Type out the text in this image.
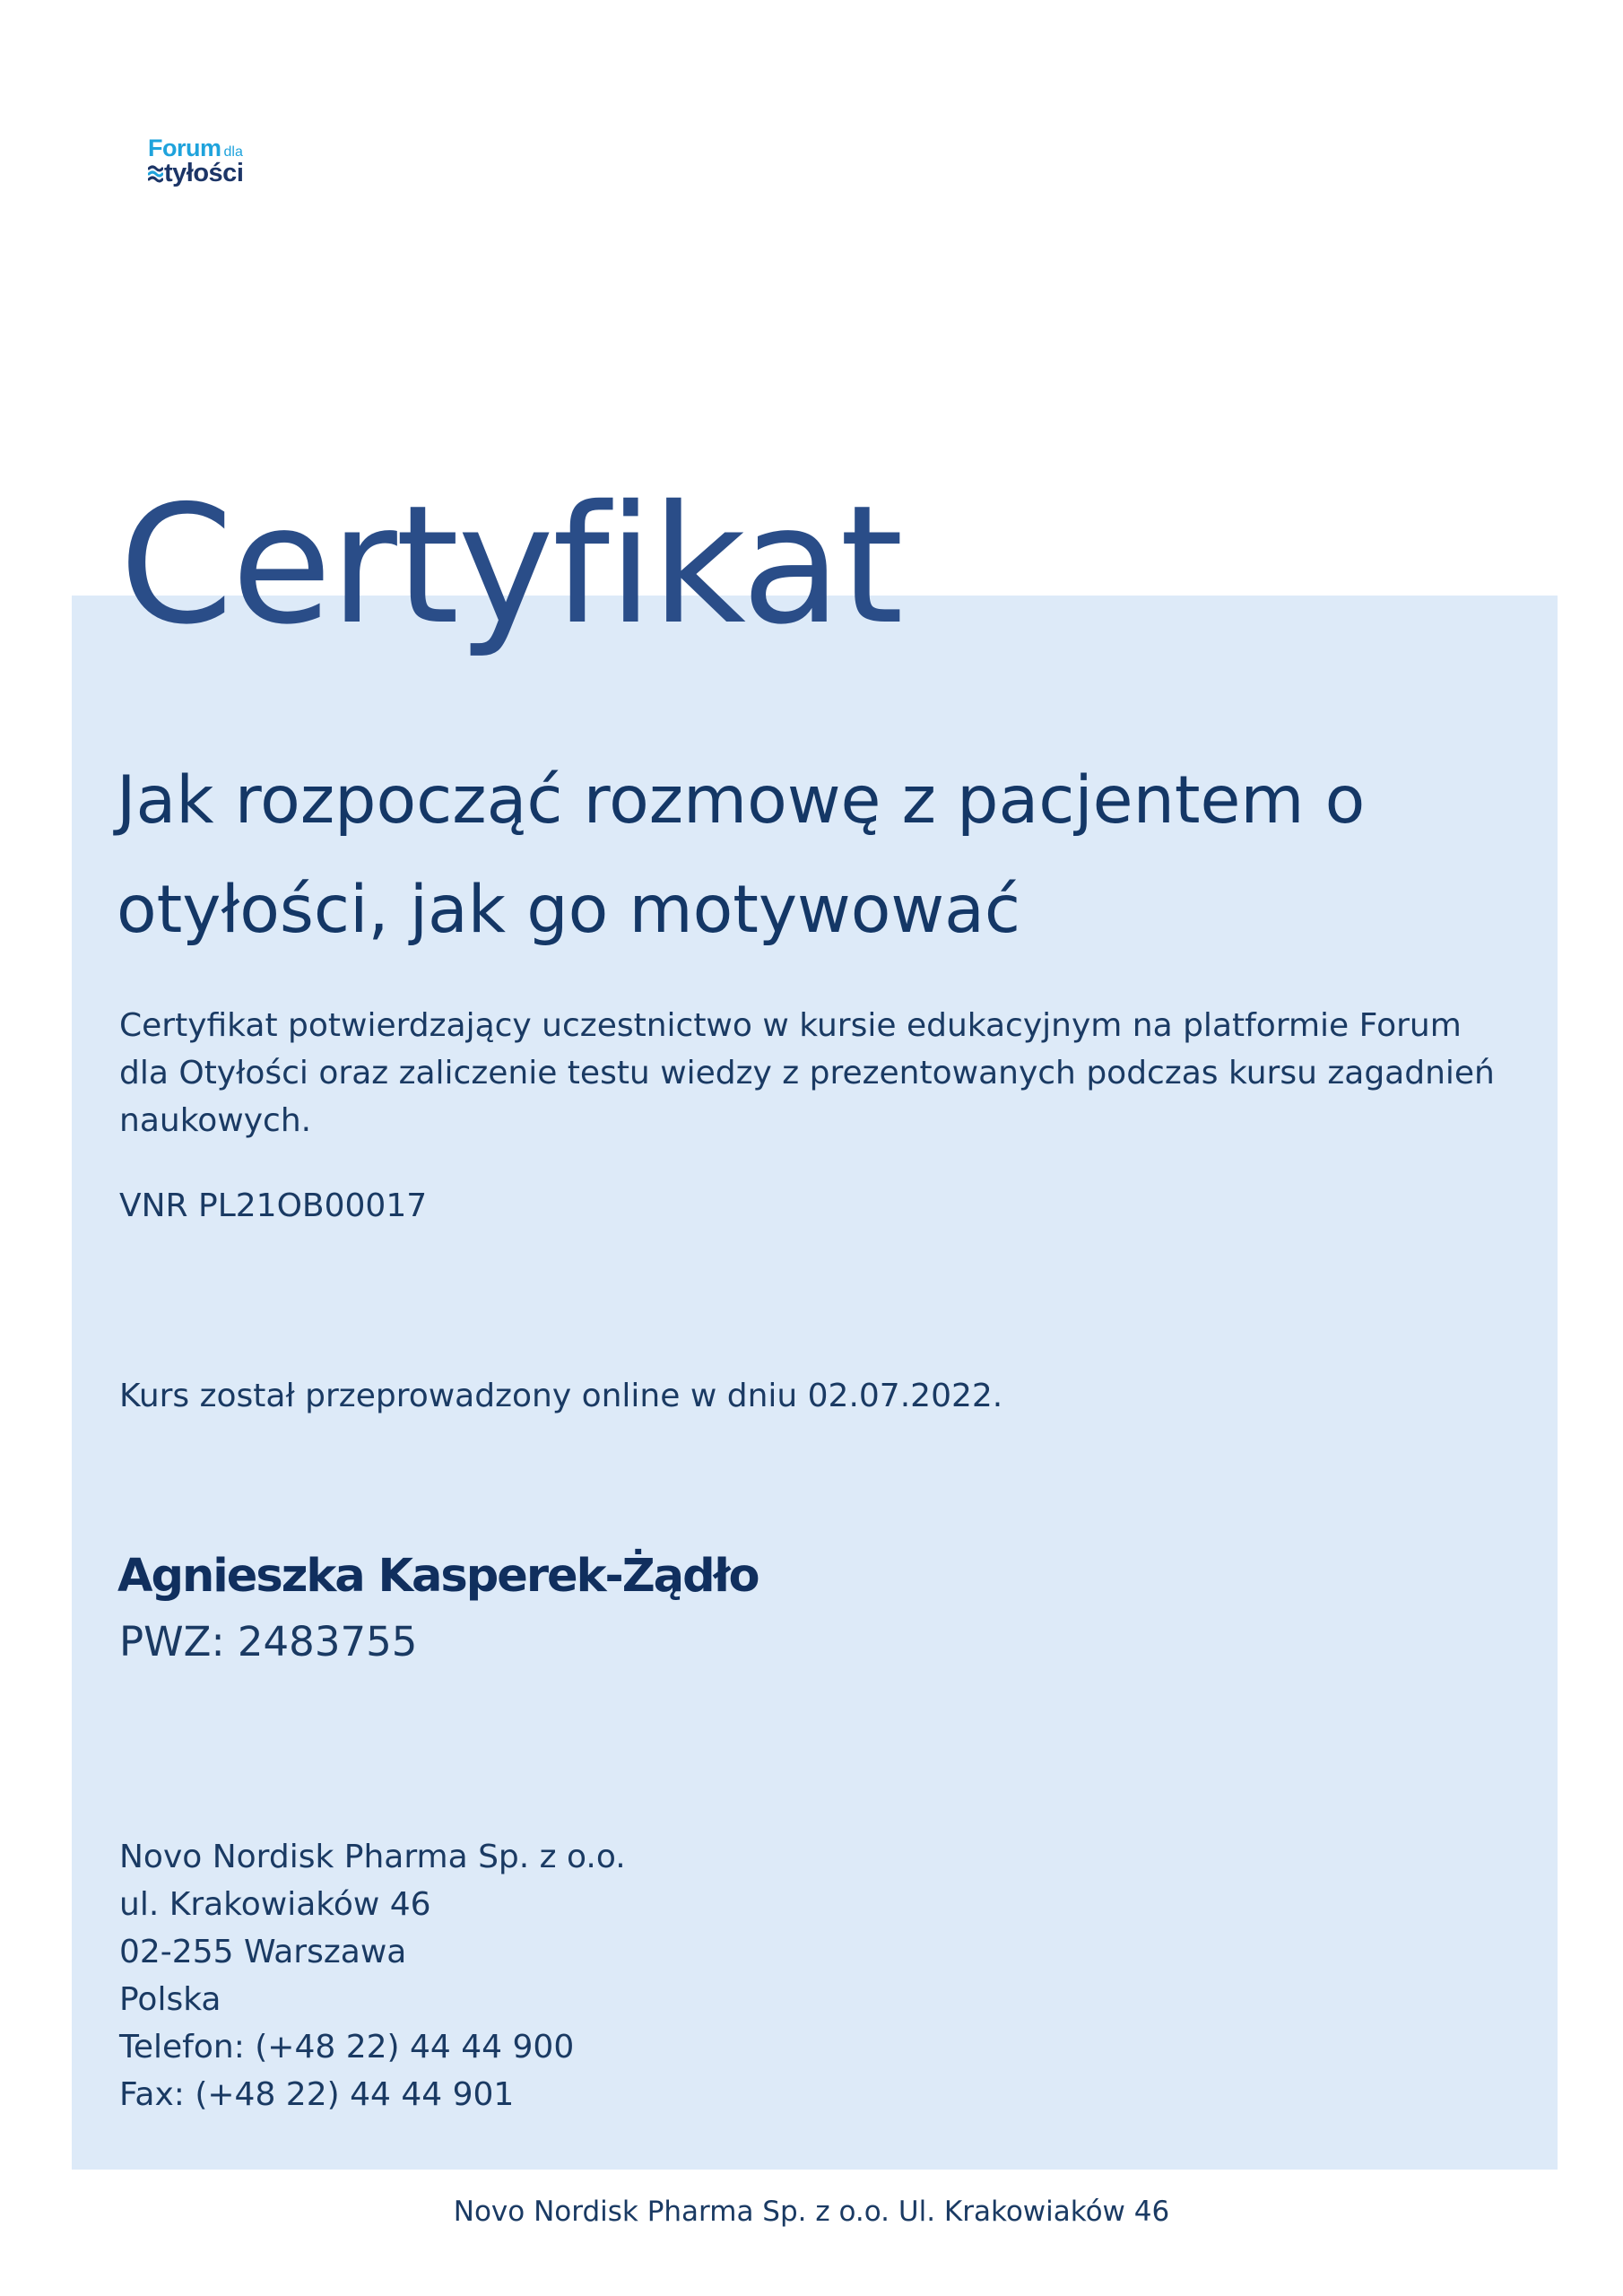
Forum dla
tyłości
Certyfikat
Jak rozpocząć rozmowę z pacjentem o otyłości, jak go motywować

Certyfikat potwierdzający uczestnictwo w kursie edukacyjnym na platformie Forum dla Otyłości oraz zaliczenie testu wiedzy z prezentowanych podczas kursu zagadnień naukowych.

VNR PL21OB00017

Kurs został przeprowadzony online w dniu 02.07.2022.

Agnieszka Kasperek-Żądło

PWZ: 2483755

Novo Nordisk Pharma Sp. z o.o.
ul. Krakowiaków 46
02-255 Warszawa
Polska
Telefon: (+48 22) 44 44 900
Fax: (+48 22) 44 44 901
Novo Nordisk Pharma Sp. z o.o. Ul. Krakowiaków 46
